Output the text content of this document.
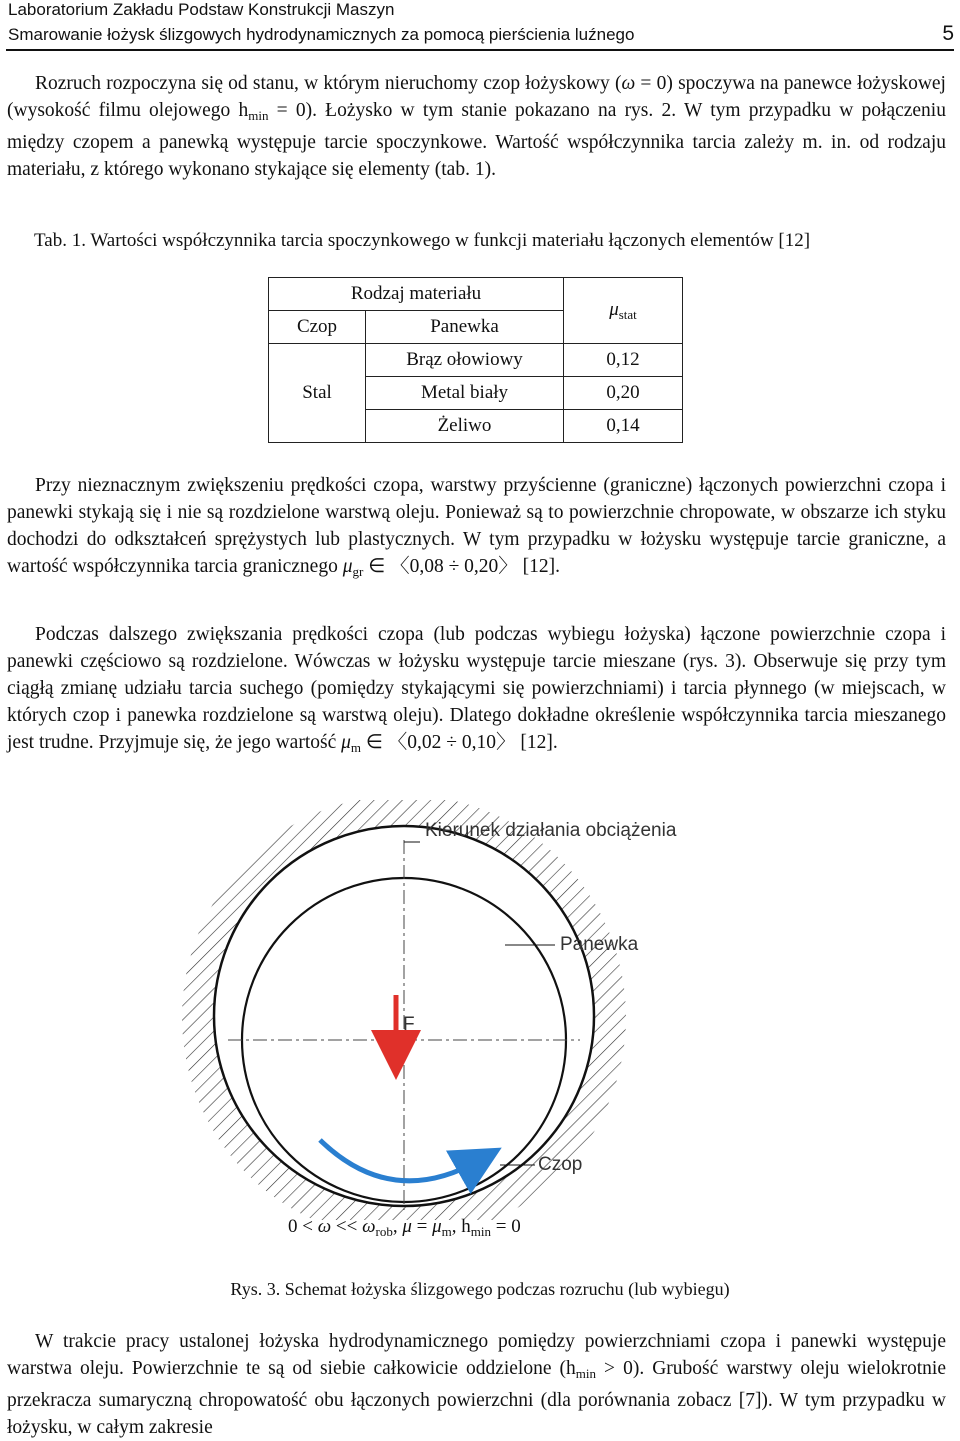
Laboratorium Zakładu Podstaw Konstrukcji Maszyn
Smarowanie łożysk ślizgowych hydrodynamicznych za pomocą pierścienia luźnego	5

Rozruch rozpoczyna się od stanu, w którym nieruchomy czop łożyskowy (ω = 0) spoczywa na panewce łożyskowej (wysokość filmu olejowego $h_{min} = 0$). Łożysko w tym stanie pokazano na rys. 2. W tym przypadku w połączeniu między czopem a panewką występuje tarcie spoczynkowe. Wartość współczynnika tarcia zależy m. in. od rodzaju materiału, z którego wykonano stykające się elementy (tab. 1).

Tab. 1. Wartości współczynnika tarcia spoczynkowego w funkcji materiału łączonych elementów [12]
Rodzaj materiału		$\mu_{stat}$
Czop	Panewka	
Stal	Brąz ołowiowy	0,12
	Metal biały	0,20
	Żeliwo	0,14

Przy nieznacznym zwiększeniu prędkości czopa, warstwy przyścienne (graniczne) łączonych powierzchni czopa i panewki stykają się i nie są rozdzielone warstwą oleju. Ponieważ są to powierzchnie chropowate, w obszarze ich styku dochodzi do odkształceń sprężystych lub plastycznych. W tym przypadku w łożysku występuje tarcie graniczne, a wartość współczynnika tarcia granicznego $\mu_{gr}$ ∈ 〈0,08 ÷ 0,20〉 [12].

Podczas dalszego zwiększania prędkości czopa (lub podczas wybiegu łożyska) łączone powierzchnie czopa i panewki częściowo są rozdzielone. Wówczas w łożysku występuje tarcie mieszane (rys. 3). Obserwuje się przy tym ciągłą zmianę udziału tarcia suchego (pomiędzy stykającymi się powierzchniami) i tarcia płynnego (w miejscach, w których czop i panewka rozdzielone są warstwą oleju). Dlatego dokładne określenie współczynnika tarcia mieszanego jest trudne. Przyjmuje się, że jego wartość $\mu_m$ ∈ 〈0,02 ÷ 0,10〉 [12].

Kierunek działania obciążenia
Panewka
F
Czop
$0 < \omega << \omega_{rob}$, $\mu = \mu_m$, $h_{min} = 0$
Rys. 3. Schemat łożyska ślizgowego podczas rozruchu (lub wybiegu)

W trakcie pracy ustalonej łożyska hydrodynamicznego pomiędzy powierzchniami czopa i panewki występuje warstwa oleju. Powierzchnie te są od siebie całkowicie oddzielone $(h_{min} > 0)$. Grubość warstwy oleju wielokrotnie przekracza sumaryczną chropowatość obu łączonych powierzchni (dla porównania zobacz [7]). W tym przypadku w łożysku, w całym zakresie
